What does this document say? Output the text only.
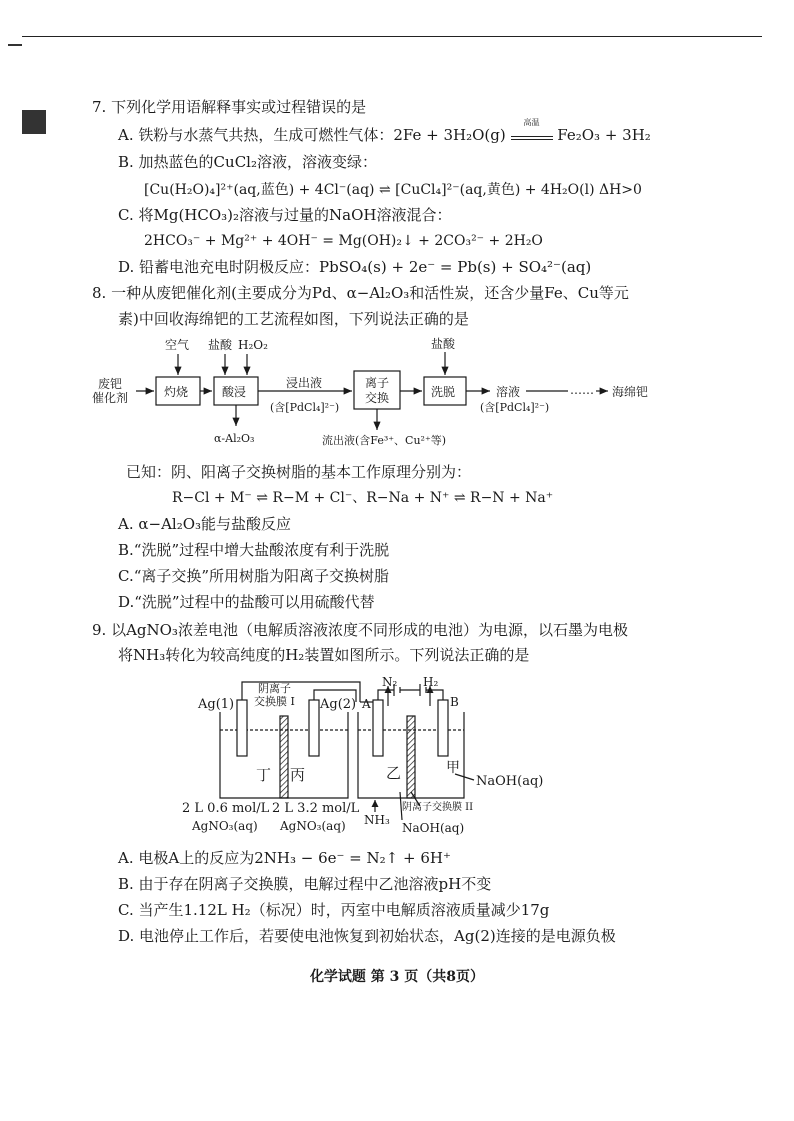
7. 下列化学用语解释事实或过程错误的是
A. 铁粉与水蒸气共热，生成可燃性气体：2Fe + 3H₂O(g)
高温
Fe₂O₃ + 3H₂
B. 加热蓝色的CuCl₂溶液，溶液变绿：
[Cu(H₂O)₄]²⁺(aq,蓝色) + 4Cl⁻(aq) ⇌ [CuCl₄]²⁻(aq,黄色) + 4H₂O(l) ΔH>0
C. 将Mg(HCO₃)₂溶液与过量的NaOH溶液混合：
2HCO₃⁻ + Mg²⁺ + 4OH⁻ = Mg(OH)₂↓ + 2CO₃²⁻ + 2H₂O
D. 铅蓄电池充电时阴极反应：PbSO₄(s) + 2e⁻ = Pb(s) + SO₄²⁻(aq)
8. 一种从废钯催化剂(主要成分为Pd、α−Al₂O₃和活性炭，还含少量Fe、Cu等元
素)中回收海绵钯的工艺流程如图，下列说法正确的是
废钯
催化剂	灼烧	酸浸
离子
交换	洗脱
空气 盐酸 H₂O₂	盐酸
浸出液
(含[PdCl₄]²⁻)
α-Al₂O₃	流出液(含Fe³⁺、Cu²⁺等)
溶液
(含[PdCl₄]²⁻)
…… 海绵钯
已知：阴、阳离子交换树脂的基本工作原理分别为：
R−Cl + M⁻ ⇌ R−M + Cl⁻、R−Na + N⁺ ⇌ R−N + Na⁺
A. α−Al₂O₃能与盐酸反应
B.“洗脱”过程中增大盐酸浓度有利于洗脱
C.“离子交换”所用树脂为阳离子交换树脂
D.“洗脱”过程中的盐酸可以用硫酸代替
9. 以AgNO₃浓差电池（电解质溶液浓度不同形成的电池）为电源，以石墨为电极
将NH₃转化为较高纯度的H₂装置如图所示。下列说法正确的是
Ag(1)	Ag(2)
阴离子
交换膜 I	A	B
N₂ H₂
丁 丙	乙	甲
NaOH(aq)
2 L 0.6 mol/L
AgNO₃(aq)
2 L 3.2 mol/L
AgNO₃(aq) NH₃
NaOH(aq)
阴离子交换膜 II
A. 电极A上的反应为2NH₃ − 6e⁻ = N₂↑ + 6H⁺
B. 由于存在阴离子交换膜，电解过程中乙池溶液pH不变
C. 当产生1.12L H₂（标况）时，丙室中电解质溶液质量减少17g
D. 电池停止工作后，若要使电池恢复到初始状态，Ag(2)连接的是电源负极
化学试题 第 3 页（共8页）
